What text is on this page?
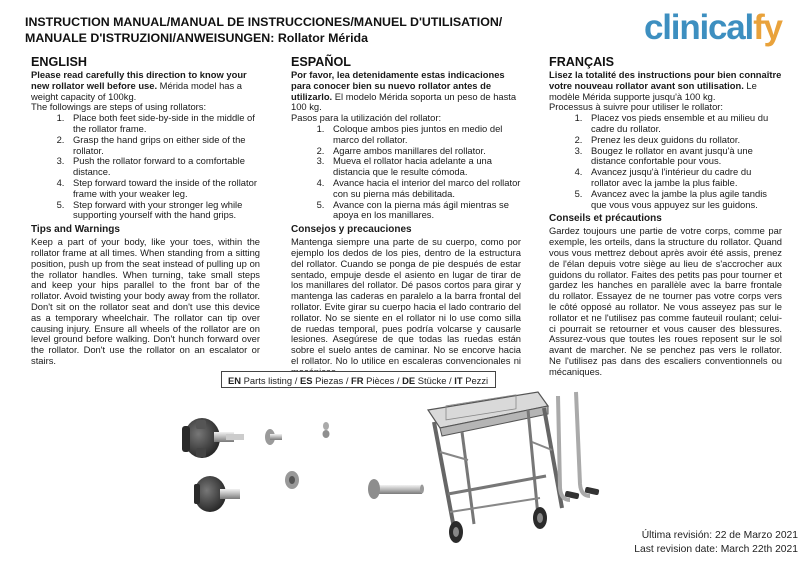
INSTRUCTION MANUAL/MANUAL DE INSTRUCCIONES/MANUEL D'UTILISATION/
MANUALE D'ISTRUZIONI/ANWEISUNGEN: Rollator Mérida	clinicalfy
ENGLISH

Please read carefully this direction to know your new rollator well before use. Mérida model has a weight capacity of 100kg.

The followings are steps of using rollators:

1. Place both feet side-by-side in the middle of the rollator frame.
2. Grasp the hand grips on either side of the rollator.
3. Push the rollator forward to a comfortable distance.
4. Step forward toward the inside of the rollator frame with your weaker leg.
5. Step forward with your stronger leg while supporting yourself with the hand grips.
Tips and Warnings

Keep a part of your body, like your toes, within the rollator frame at all times. When standing from a sitting position, push up from the seat instead of pulling up on the rollator handles. When turning, take small steps and keep your hips parallel to the front bar of the rollator. Avoid twisting your body away from the rollator. Don't sit on the rollator seat and don't use this device as a temporary wheelchair. The rollator can tip over causing injury. Ensure all wheels of the rollator are on level ground before walking. Don't hunch forward over the rollator. Don't use the rollator on an escalator or stairs.

ESPAÑOL

Por favor, lea detenidamente estas indicaciones para conocer bien su nuevo rollator antes de utilizarlo. El modelo Mérida soporta un peso de hasta 100 kg.

Pasos para la utilización del rollator:

1. Coloque ambos pies juntos en medio del marco del rollator.
2. Agarre ambos manillares del rollator.
3. Mueva el rollator hacia adelante a una distancia que le resulte cómoda.
4. Avance hacia el interior del marco del rollator con su pierna más debilitada.
5. Avance con la pierna más ágil mientras se apoya en los manillares.
Consejos y precauciones

Mantenga siempre una parte de su cuerpo, como por ejemplo los dedos de los pies, dentro de la estructura del rollator. Cuando se ponga de pie después de estar sentado, empuje desde el asiento en lugar de tirar de los manillares del rollator. Dé pasos cortos para girar y mantenga las caderas en paralelo a la barra frontal del rollator. Evite girar su cuerpo hacia el lado contrario del rollator. No se siente en el rollator ni lo use como silla de ruedas temporal, pues podría volcarse y causarle lesiones. Asegúrese de que todas las ruedas están sobre el suelo antes de caminar. No se encorve hacia el rollator. No lo utilice en escaleras convencionales ni

FRANÇAIS

Lisez la totalité des instructions pour bien connaître votre nouveau rollator avant son utilisation. Le modèle Mérida supporte jusqu'à 100 kg.

Processus à suivre pour utiliser le rollator:

1. Placez vos pieds ensemble et au milieu du cadre du rollator.
2. Prenez les deux guidons du rollator.
3. Bougez le rollator en avant jusqu'à une distance confortable pour vous.
4. Avancez jusqu'à l'intérieur du cadre du rollator avec la jambe la plus faible.
5. Avancez avec la jambe la plus agile tandis que vous vous appuyez sur les guidons.
Conseils et précautions

Gardez toujours une partie de votre corps, comme par exemple, les orteils, dans la structure du rollator. Quand vous vous mettrez debout après avoir été assis, prenez de l'élan depuis votre siège au lieu de s'accrocher aux guidons du rollator. Faites des petits pas pour tourner et gardez les hanches en parallèle avec la barre frontale du rollator. Essayez de ne tourner pas votre corps vers le côté opposé au rollator. Ne vous asseyez pas sur le rollator et ne l'utilisez pas comme fauteuil roulant; celui-ci pourrait se retourner et vous causer des blessures. Assurez-vous que toutes les roues reposent sur le sol avant de marcher. Ne se penchez pas vers le rollator. Ne l'utilisez pas dans des escaliers conventionnels ou mécaniques.

EN Parts listing / ES Piezas / FR Pièces / DE Stücke / IT Pezzi
Última revisión: 22 de Marzo 2021
Last revision date: March 22th 2021
